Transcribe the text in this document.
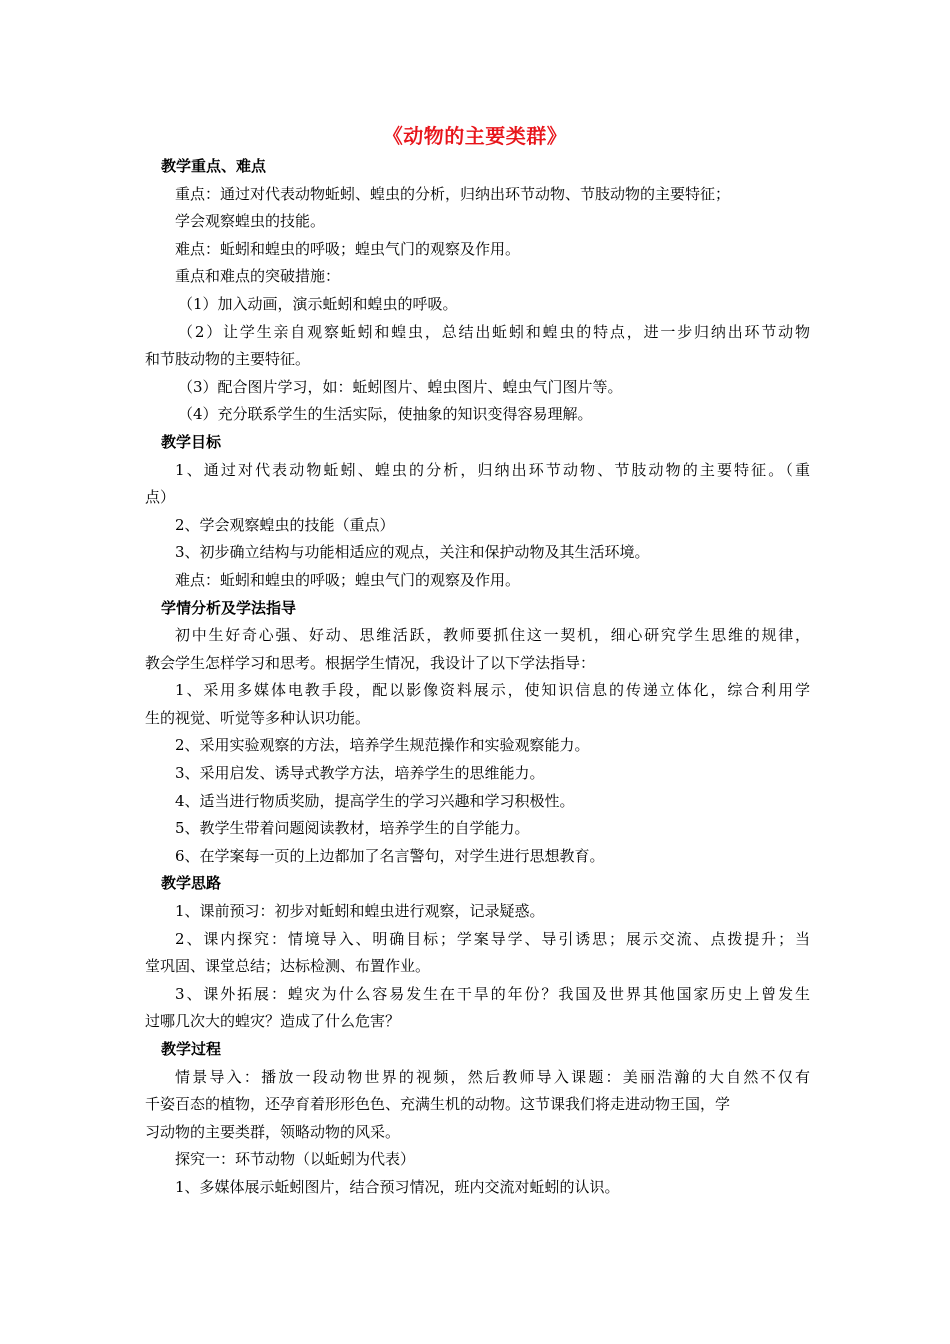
《动物的主要类群》
教学重点、难点
重点：通过对代表动物蚯蚓、蝗虫的分析，归纳出环节动物、节肢动物的主要特征；
学会观察蝗虫的技能。
难点：蚯蚓和蝗虫的呼吸；蝗虫气门的观察及作用。
重点和难点的突破措施：
（1）加入动画，演示蚯蚓和蝗虫的呼吸。
（2）让学生亲自观察蚯蚓和蝗虫，总结出蚯蚓和蝗虫的特点，进一步归纳出环节动物
和节肢动物的主要特征。
（3）配合图片学习，如：蚯蚓图片、蝗虫图片、蝗虫气门图片等。
（4）充分联系学生的生活实际，使抽象的知识变得容易理解。
教学目标
1、通过对代表动物蚯蚓、蝗虫的分析，归纳出环节动物、节肢动物的主要特征。（重
点）
2、学会观察蝗虫的技能（重点）
3、初步确立结构与功能相适应的观点，关注和保护动物及其生活环境。
难点：蚯蚓和蝗虫的呼吸；蝗虫气门的观察及作用。
学情分析及学法指导
初中生好奇心强、好动、思维活跃，教师要抓住这一契机，细心研究学生思维的规律，
教会学生怎样学习和思考。根据学生情况，我设计了以下学法指导：
1、采用多媒体电教手段，配以影像资料展示，使知识信息的传递立体化，综合利用学
生的视觉、听觉等多种认识功能。
2、采用实验观察的方法，培养学生规范操作和实验观察能力。
3、采用启发、诱导式教学方法，培养学生的思维能力。
4、适当进行物质奖励，提高学生的学习兴趣和学习积极性。
5、教学生带着问题阅读教材，培养学生的自学能力。
6、在学案每一页的上边都加了名言警句，对学生进行思想教育。
教学思路
1、课前预习：初步对蚯蚓和蝗虫进行观察，记录疑惑。
2、课内探究：情境导入、明确目标；学案导学、导引诱思；展示交流、点拨提升；当
堂巩固、课堂总结；达标检测、布置作业。
3、课外拓展：蝗灾为什么容易发生在干旱的年份？我国及世界其他国家历史上曾发生
过哪几次大的蝗灾？造成了什么危害？
教学过程
情景导入：播放一段动物世界的视频，然后教师导入课题：美丽浩瀚的大自然不仅有
千姿百态的植物，还孕育着形形色色、充满生机的动物。这节课我们将走进动物王国，学
习动物的主要类群，领略动物的风采。
探究一：环节动物（以蚯蚓为代表）
1、多媒体展示蚯蚓图片，结合预习情况，班内交流对蚯蚓的认识。
